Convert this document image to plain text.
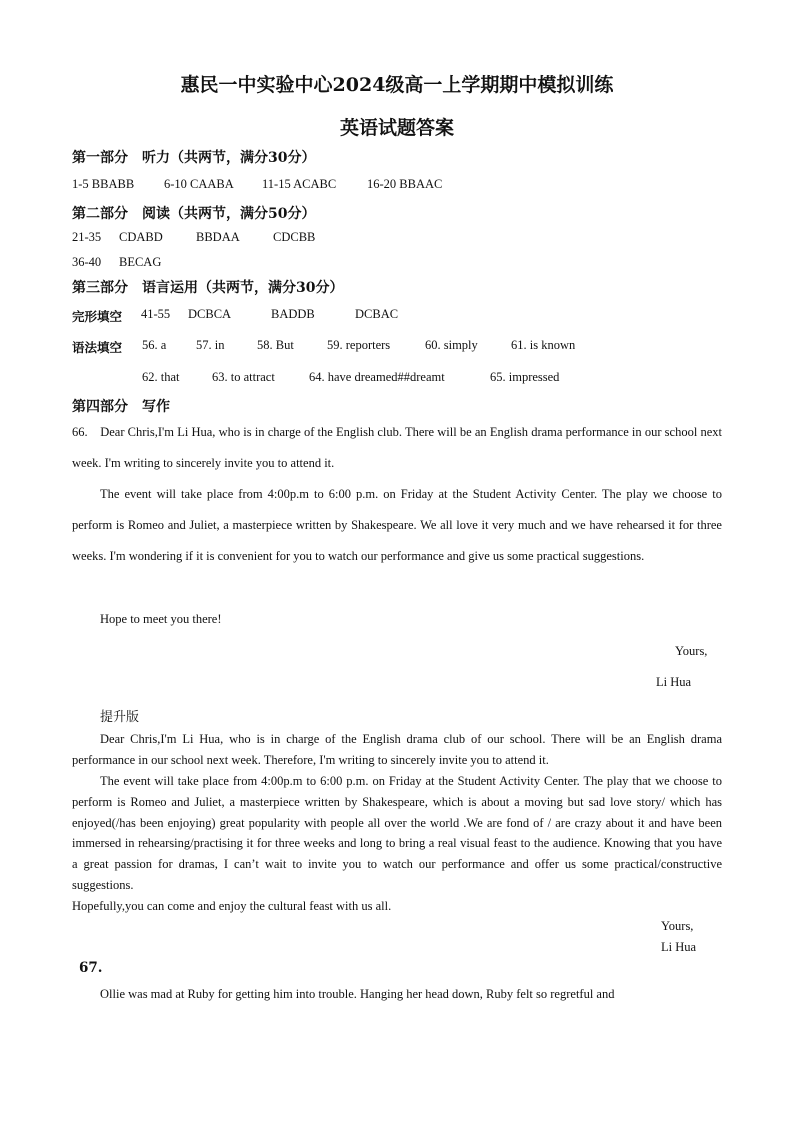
惠民一中实验中心2024级高一上学期期中模拟训练
英语试题答案
第一部分　听力（共两节，满分30分）
1-5 BBABB 6-10 CAABA 11-15 ACABC 16-20 BBAAC
第二部分　阅读（共两节，满分50分）
21-35 CDABD	BBDAA	CDCBB
36-40 BECAG
第三部分　语言运用（共两节，满分30分）
完形填空 41-55 DCBCA	BADDB	DCBAC
语法填空 56. a 57. in	58. But	59. reporters	60. simply	61. is known
62. that	63. to attract	64. have dreamed##dreamt	65. impressed
第四部分　写作
66.　Dear Chris,I'm Li Hua, who is in charge of the English club. There will be an English drama performance in our school next week. I'm writing to sincerely invite you to attend it.
The event will take place from 4:00p.m to 6:00 p.m. on Friday at the Student Activity Center. The play we choose to perform is Romeo and Juliet, a masterpiece written by Shakespeare. We all love it very much and we have rehearsed it for three weeks. I'm wondering if it is convenient for you to watch our performance and give us some practical suggestions.
Hope to meet you there!
Yours,
Li Hua
提升版
Dear Chris,I'm Li Hua, who is in charge of the English drama club of our school. There will be an English drama performance in our school next week. Therefore, I'm writing to sincerely invite you to attend it.
The event will take place from 4:00p.m to 6:00 p.m. on Friday at the Student Activity Center. The play that we choose to perform is Romeo and Juliet, a masterpiece written by Shakespeare, which is about a moving but sad love story/ which has enjoyed(/has been enjoying) great popularity with people all over the world .We are fond of / are crazy about it and have been immersed in rehearsing/practising it for three weeks and long to bring a real visual feast to the audience. Knowing that you have a great passion for dramas, I can’t wait to invite you to watch our performance and offer us some practical/constructive suggestions.
Hopefully,you can come and enjoy the cultural feast with us all.
Yours,
Li Hua
67.
Ollie was mad at Ruby for getting him into trouble. Hanging her head down, Ruby felt so regretful and
